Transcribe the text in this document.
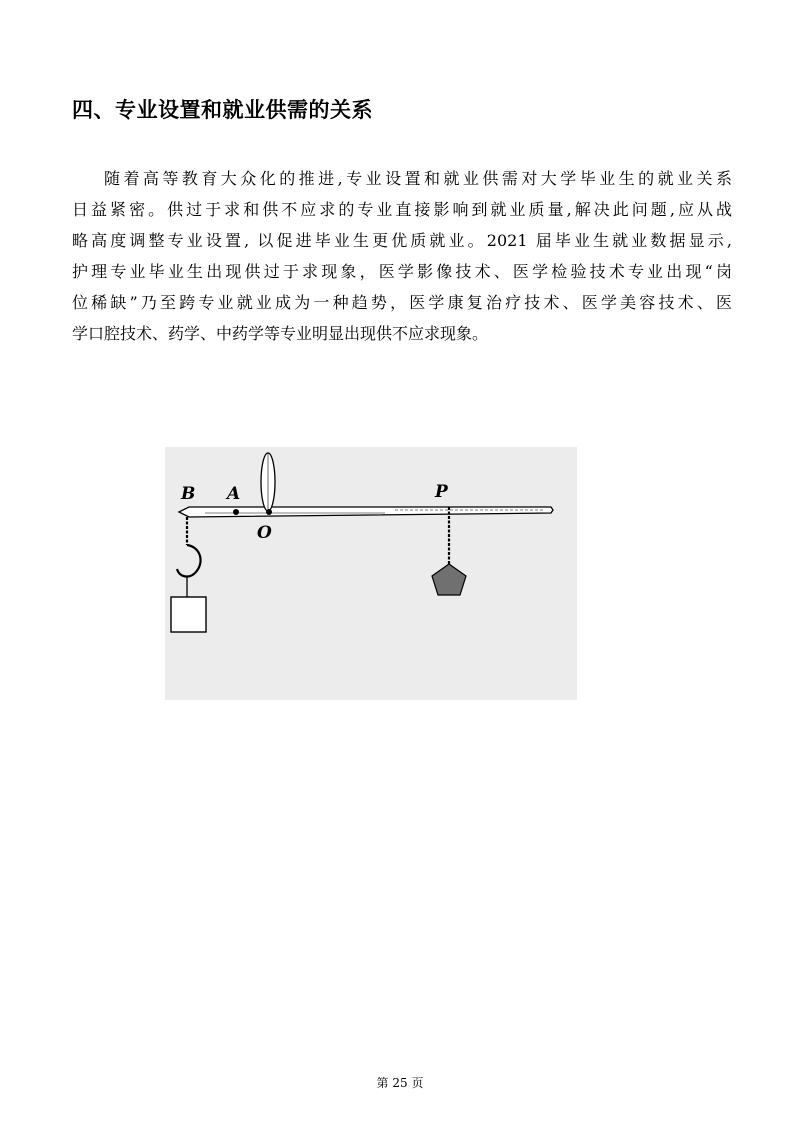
四、专业设置和就业供需的关系
随着高等教育大众化的推进,专业设置和就业供需对大学毕业生的就业关系
日益紧密。供过于求和供不应求的专业直接影响到就业质量,解决此问题,应从战
略高度调整专业设置, 以促进毕业生更优质就业。2021 届毕业生就业数据显示,
护理专业毕业生出现供过于求现象，医学影像技术、医学检验技术专业出现“岗
位稀缺”乃至跨专业就业成为一种趋势，医学康复治疗技术、医学美容技术、医
学口腔技术、药学、中药学等专业明显出现供不应求现象。
B A
O
P
第 25 页
